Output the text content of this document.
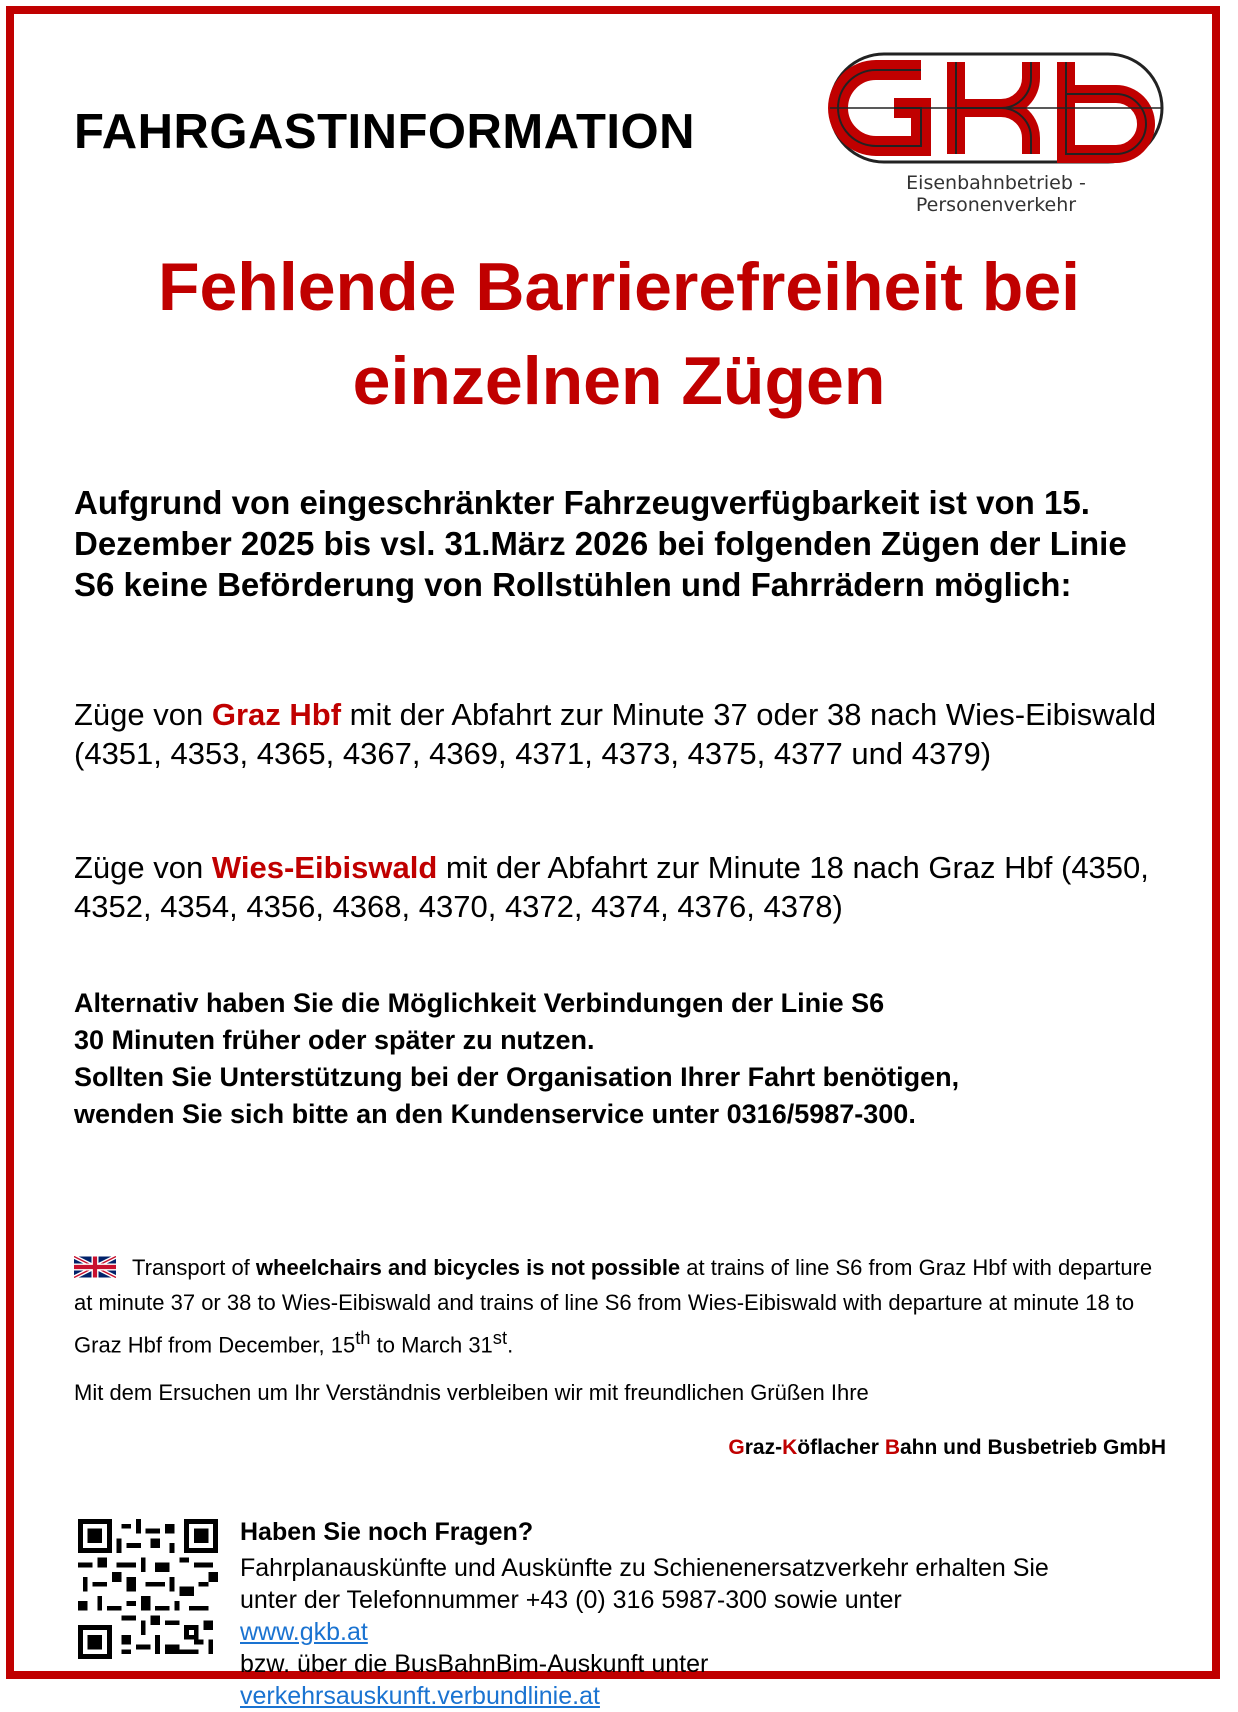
FAHRGASTINFORMATION
Eisenbahnbetrieb - Personenverkehr
Fehlende Barrierefreiheit bei
einzelnen Zügen

Aufgrund von eingeschränkter Fahrzeugverfügbarkeit ist von 15. Dezember 2025 bis vsl. 31.März 2026 bei folgenden Zügen der Linie S6 keine Beförderung von Rollstühlen und Fahrrädern möglich:

Züge von Graz Hbf mit der Abfahrt zur Minute 37 oder 38 nach Wies-Eibiswald (4351, 4353, 4365, 4367, 4369, 4371, 4373, 4375, 4377 und 4379)

Züge von Wies-Eibiswald mit der Abfahrt zur Minute 18 nach Graz Hbf (4350, 4352, 4354, 4356, 4368, 4370, 4372, 4374, 4376, 4378)

Alternativ haben Sie die Möglichkeit Verbindungen der Linie S6
30 Minuten früher oder später zu nutzen.
Sollten Sie Unterstützung bei der Organisation Ihrer Fahrt benötigen,
wenden Sie sich bitte an den Kundenservice unter 0316/5987-300.

Transport of wheelchairs and bicycles is not possible at trains of line S6 from Graz Hbf with departure at minute 37 or 38 to Wies-Eibiswald and trains of line S6 from Wies-Eibiswald with departure at minute 18 to Graz Hbf from December, 15th to March 31st.

Mit dem Ersuchen um Ihr Verständnis verbleiben wir mit freundlichen Grüßen Ihre

Graz-Köflacher Bahn und Busbetrieb GmbH
Haben Sie noch Fragen?

Fahrplanauskünfte und Auskünfte zu Schienenersatzverkehr erhalten Sie
unter der Telefonnummer +43 (0) 316 5987-300 sowie unter
www.gkb.at
bzw. über die BusBahnBim-Auskunft unter
verkehrsauskunft.verbundlinie.at
